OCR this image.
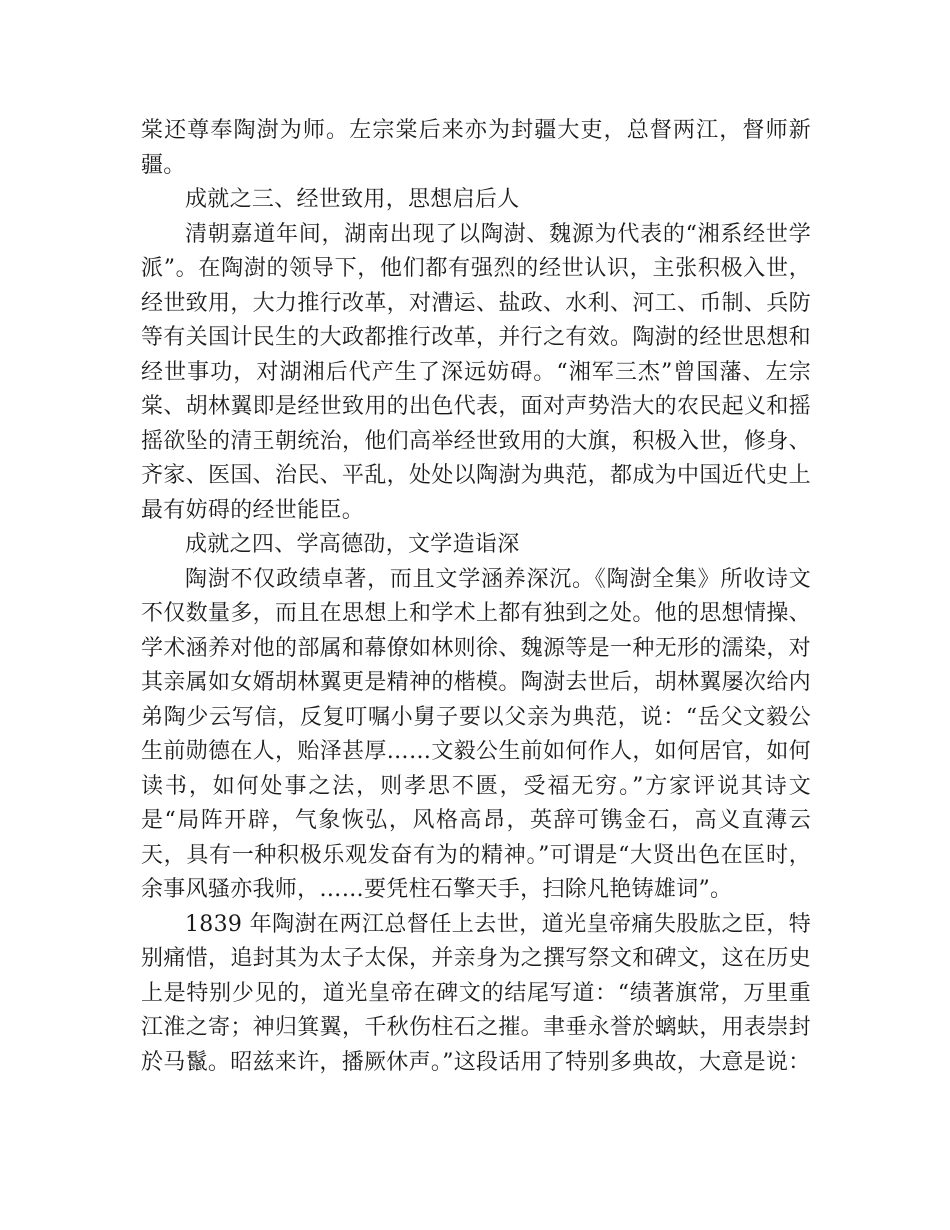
棠还尊奉陶澍为师。左宗棠后来亦为封疆大吏，总督两江，督师新疆。

成就之三、经世致用，思想启后人

清朝嘉道年间，湖南出现了以陶澍、魏源为代表的“湘系经世学派”。在陶澍的领导下，他们都有强烈的经世认识，主张积极入世，经世致用，大力推行改革，对漕运、盐政、水利、河工、币制、兵防等有关国计民生的大政都推行改革，并行之有效。陶澍的经世思想和经世事功，对湖湘后代产生了深远妨碍。“湘军三杰”曾国藩、左宗棠、胡林翼即是经世致用的出色代表，面对声势浩大的农民起义和摇摇欲坠的清王朝统治，他们高举经世致用的大旗，积极入世，修身、齐家、医国、治民、平乱，处处以陶澍为典范，都成为中国近代史上最有妨碍的经世能臣。

成就之四、学高德劭，文学造诣深

陶澍不仅政绩卓著，而且文学涵养深沉。《陶澍全集》所收诗文不仅数量多，而且在思想上和学术上都有独到之处。他的思想情操、学术涵养对他的部属和幕僚如林则徐、魏源等是一种无形的濡染，对其亲属如女婿胡林翼更是精神的楷模。陶澍去世后，胡林翼屡次给内弟陶少云写信，反复叮嘱小舅子要以父亲为典范，说：“岳父文毅公生前勋德在人，贻泽甚厚……文毅公生前如何作人，如何居官，如何读书，如何处事之法，则孝思不匮，受福无穷。”方家评说其诗文是“局阵开辟，气象恢弘，风格高昂，英辞可镌金石，高义直薄云天，具有一种积极乐观发奋有为的精神。”可谓是“大贤出色在匡时，余事风骚亦我师，……要凭柱石擎天手，扫除凡艳铸雄词”。

1839 年陶澍在两江总督任上去世，道光皇帝痛失股肱之臣，特别痛惜，追封其为太子太保，并亲身为之撰写祭文和碑文，这在历史上是特别少见的，道光皇帝在碑文的结尾写道：“绩著旗常，万里重江淮之寄；神归箕翼，千秋伤柱石之摧。聿垂永誉於螭蚨，用表崇封於马鬣。昭兹来许，播厥休声。”这段话用了特别多典故，大意是说：
